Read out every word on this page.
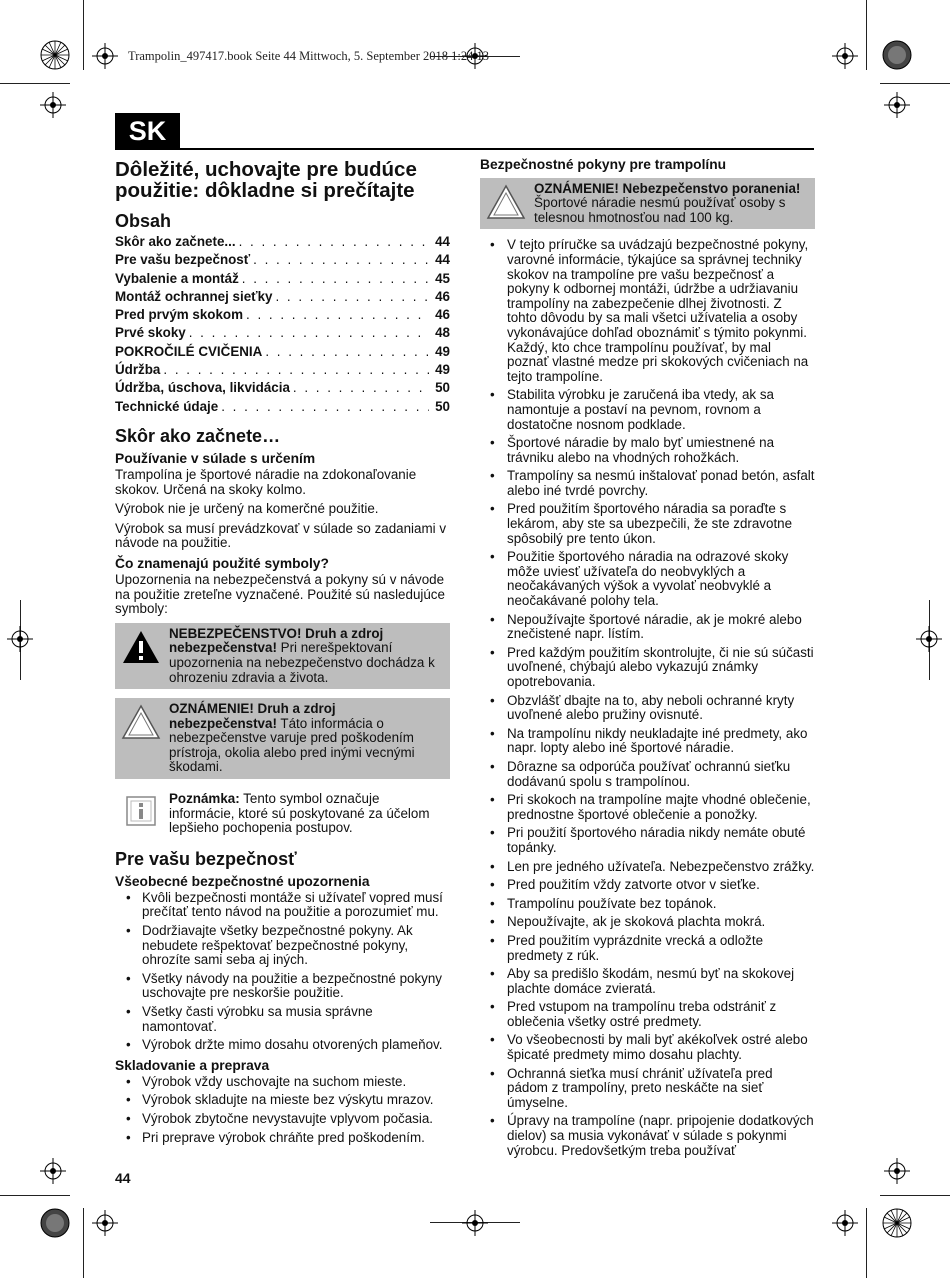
Trampolin_497417.book Seite 44 Mittwoch, 5. September 2018 1:24 13
SK
Dôležité, uchovajte pre budúce použitie: dôkladne si prečítajte
Obsah
Skôr ako začnete... . . .	44
Pre vašu bezpečnosť . . .	44
Vybalenie a montáž . . .	45
Montáž ochrannej sieťky . . .	46
Pred prvým skokom . . .	46
Prvé skoky . . .	48
POKROČILÉ CVIČENIA . . .	49
Údržba . . .	49
Údržba, úschova, likvidácia . . .	50
Technické údaje . . .	50
Skôr ako začnete…
Používanie v súlade s určením

Trampolína je športové náradie na zdokonaľovanie skokov. Určená na skoky kolmo.

Výrobok nie je určený na komerčné použitie.

Výrobok sa musí prevádzkovať v súlade so zadaniami v návode na použitie.

Čo znamenajú použité symboly?

Upozornenia na nebezpečenstvá a pokyny sú v návode na použitie zreteľne vyznačené. Použité sú nasledujúce symboly:

NEBEZPEČENSTVO! Druh a zdroj nebezpečenstva! Pri nerešpektovaní upozornenia na nebezpečenstvo dochádza k ohrozeniu zdravia a života.
OZNÁMENIE! Druh a zdroj nebezpečenstva! Táto informácia o nebezpečenstve varuje pred poškodením prístroja, okolia alebo pred inými vecnými škodami.
Poznámka: Tento symbol označuje informácie, ktoré sú poskytované za účelom lepšieho pochopenia postupov.
Pre vašu bezpečnosť
Všeobecné bezpečnostné upozornenia
• Kvôli bezpečnosti montáže si užívateľ vopred musí prečítať tento návod na použitie a porozumieť mu.
• Dodržiavajte všetky bezpečnostné pokyny. Ak nebudete rešpektovať bezpečnostné pokyny, ohrozíte sami seba aj iných.
• Všetky návody na použitie a bezpečnostné pokyny uschovajte pre neskoršie použitie.
• Všetky časti výrobku sa musia správne namontovať.
• Výrobok držte mimo dosahu otvorených plameňov.
Skladovanie a preprava
• Výrobok vždy uschovajte na suchom mieste.
• Výrobok skladujte na mieste bez výskytu mrazov.
• Výrobok zbytočne nevystavujte vplyvom počasia.
• Pri preprave výrobok chráňte pred poškodením.
44
Bezpečnostné pokyny pre trampolínu
OZNÁMENIE! Nebezpečenstvo poranenia! Športové náradie nesmú používať osoby s telesnou hmotnosťou nad 100 kg.
• V tejto príručke sa uvádzajú bezpečnostné pokyny, varovné informácie, týkajúce sa správnej techniky skokov na trampolíne pre vašu bezpečnosť a pokyny k odbornej montáži, údržbe a udržiavaniu trampolíny na zabezpečenie dlhej životnosti. Z tohto dôvodu by sa mali všetci užívatelia a osoby vykonávajúce dohľad oboznámiť s týmito pokynmi. Každý, kto chce trampolínu používať, by mal poznať vlastné medze pri skokových cvičeniach na tejto trampolíne.
• Stabilita výrobku je zaručená iba vtedy, ak sa namontuje a postaví na pevnom, rovnom a dostatočne nosnom podklade.
• Športové náradie by malo byť umiestnené na trávniku alebo na vhodných rohožkách.
• Trampolíny sa nesmú inštalovať ponad betón, asfalt alebo iné tvrdé povrchy.
• Pred použitím športového náradia sa poraďte s lekárom, aby ste sa ubezpečili, že ste zdravotne spôsobilý pre tento úkon.
• Použitie športového náradia na odrazové skoky môže uviesť užívateľa do neobvyklých a neočakávaných výšok a vyvolať neobvyklé a neočakávané polohy tela.
• Nepoužívajte športové náradie, ak je mokré alebo znečistené napr. lístím.
• Pred každým použitím skontrolujte, či nie sú súčasti uvoľnené, chýbajú alebo vykazujú známky opotrebovania.
• Obzvlášť dbajte na to, aby neboli ochranné kryty uvoľnené alebo pružiny ovisnuté.
• Na trampolínu nikdy neukladajte iné predmety, ako napr. lopty alebo iné športové náradie.
• Dôrazne sa odporúča používať ochrannú sieťku dodávanú spolu s trampolínou.
• Pri skokoch na trampolíne majte vhodné oblečenie, prednostne športové oblečenie a ponožky.
• Pri použití športového náradia nikdy nemáte obuté topánky.
• Len pre jedného užívateľa. Nebezpečenstvo zrážky.
• Pred použitím vždy zatvorte otvor v sieťke.
• Trampolínu používate bez topánok.
• Nepoužívajte, ak je skoková plachta mokrá.
• Pred použitím vyprázdnite vrecká a odložte predmety z rúk.
• Aby sa predišlo škodám, nesmú byť na skokovej plachte domáce zvieratá.
• Pred vstupom na trampolínu treba odstrániť z oblečenia všetky ostré predmety.
• Vo všeobecnosti by mali byť akékoľvek ostré alebo špicaté predmety mimo dosahu plachty.
• Ochranná sieťka musí chrániť užívateľa pred pádom z trampolíny, preto neskáčte na sieť úmyselne.
• Úpravy na trampolíne (napr. pripojenie dodatkových dielov) sa musia vykonávať v súlade s pokynmi výrobcu. Predovšetkým treba používať
